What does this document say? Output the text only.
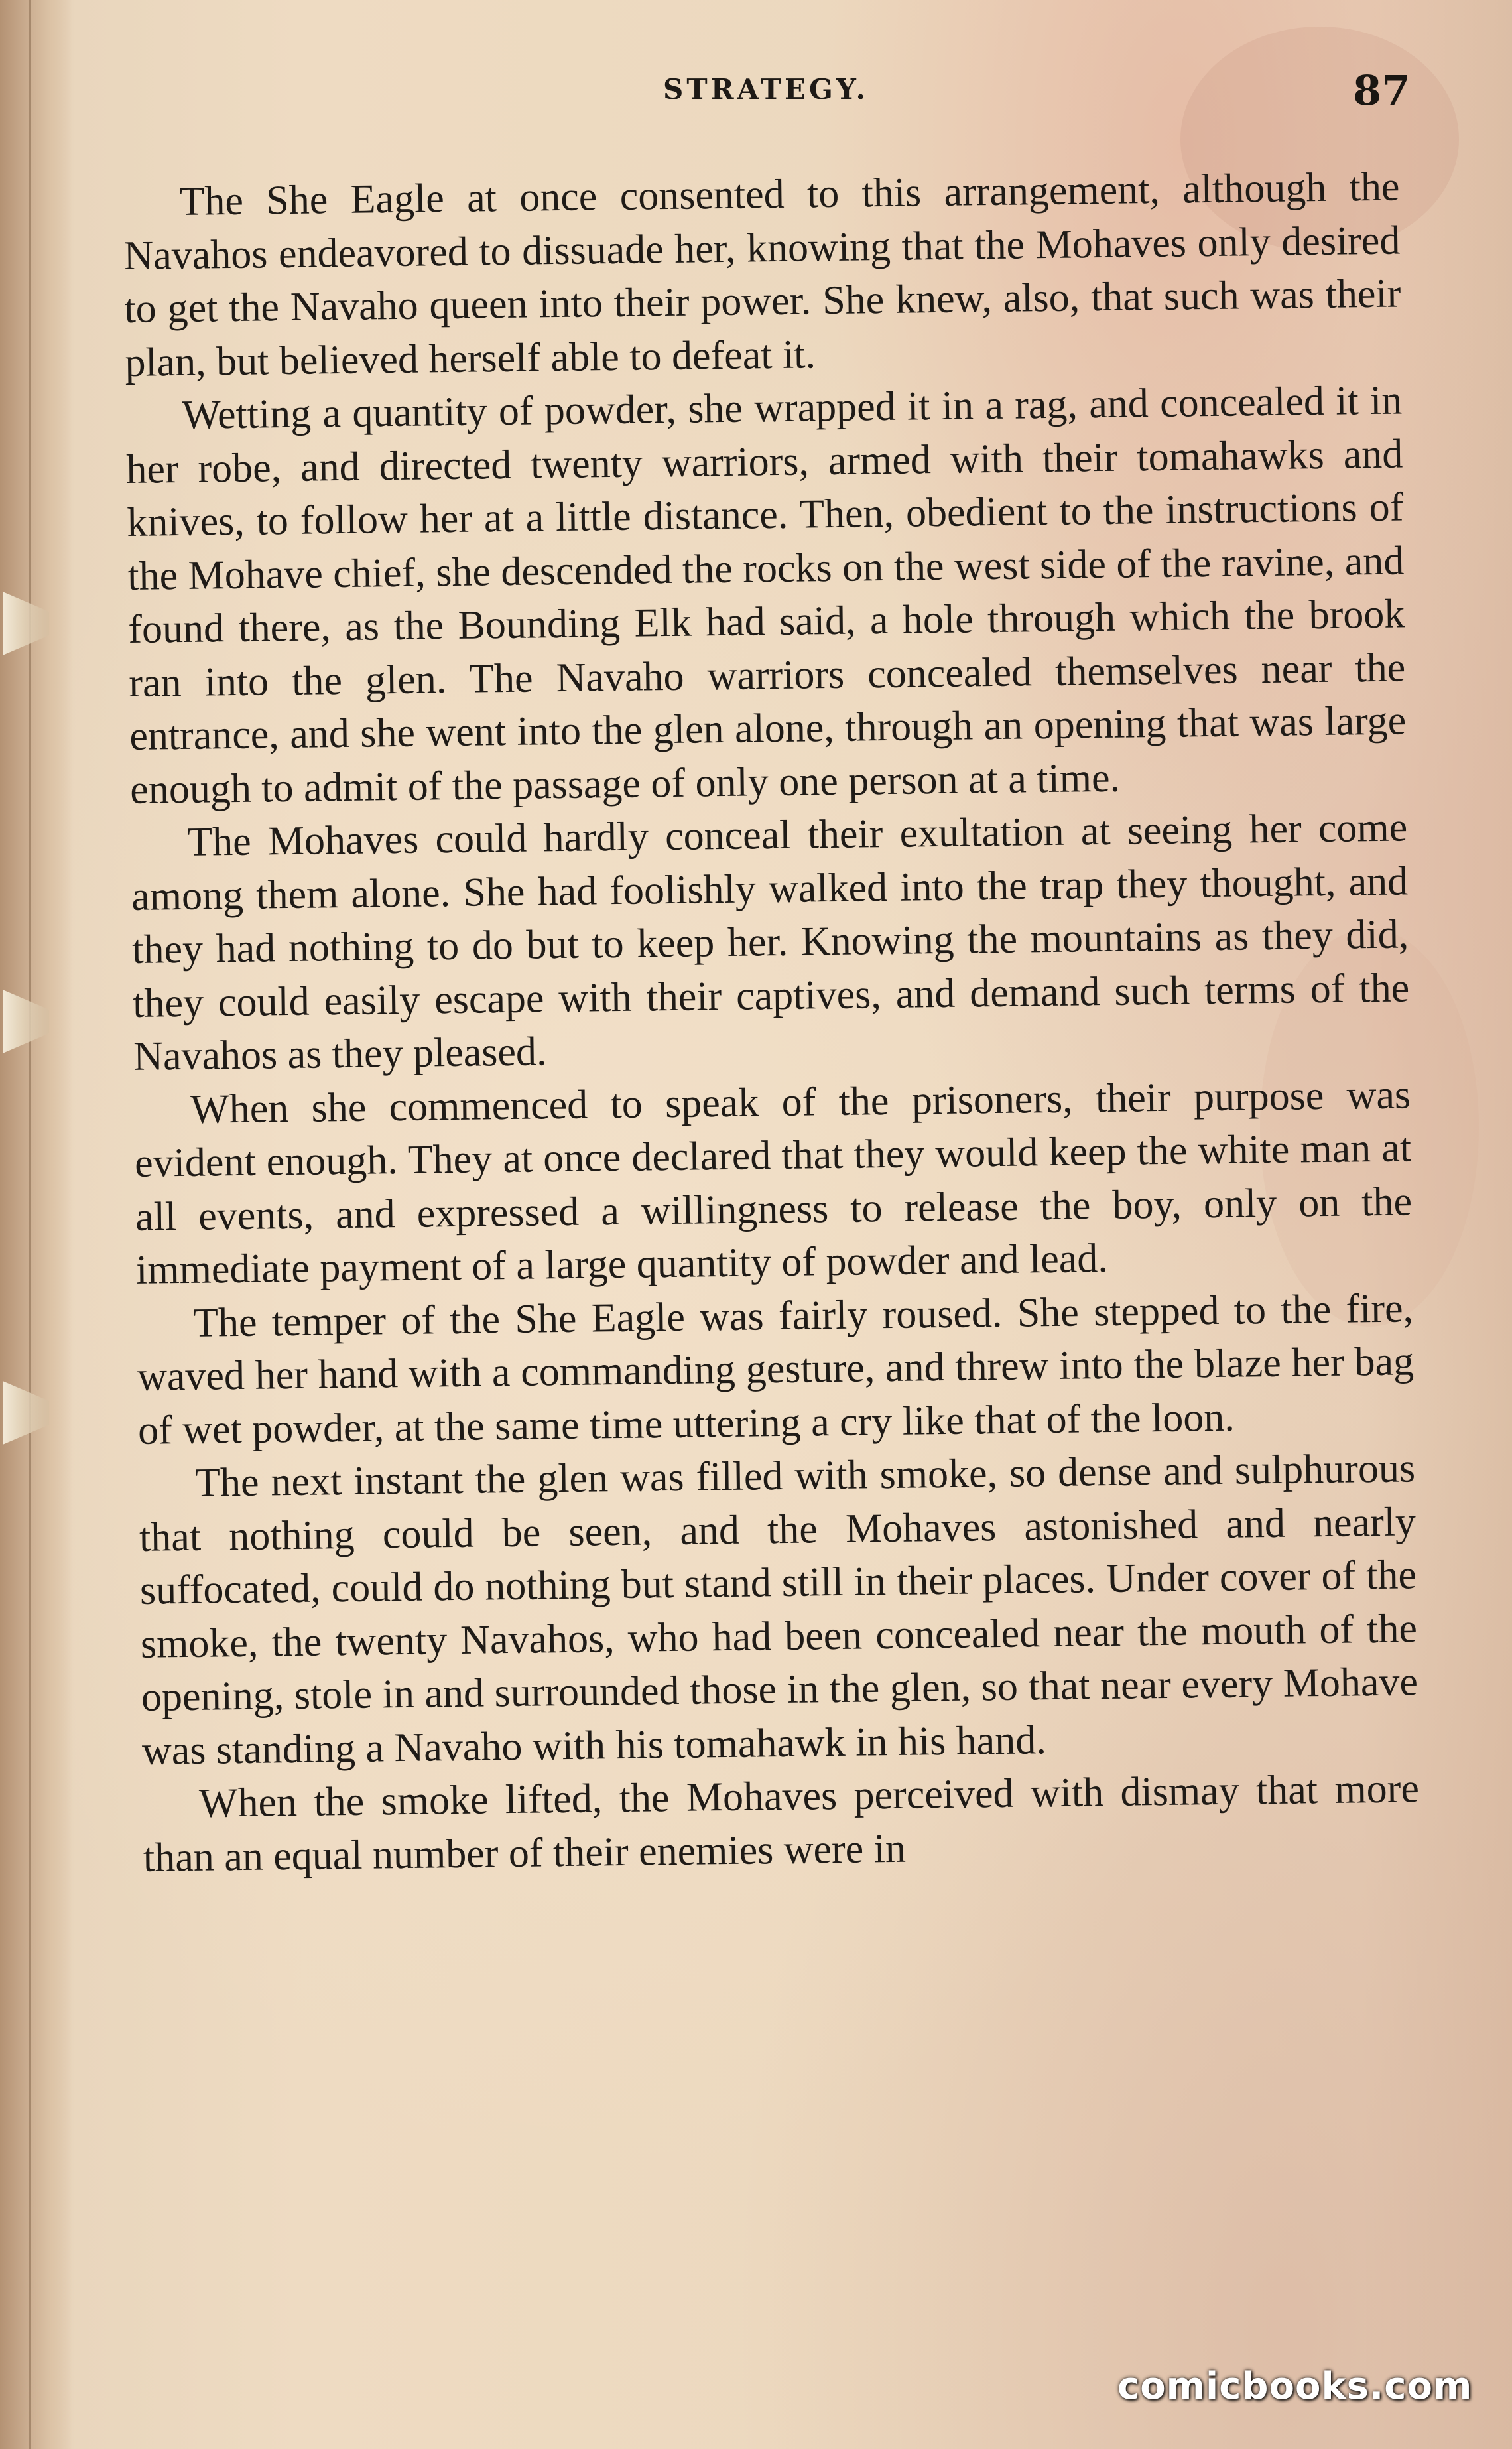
STRATEGY.	87

The She Eagle at once consented to this arrangement, although the Navahos endeavored to dissuade her, knowing that the Mohaves only desired to get the Navaho queen into their power. She knew, also, that such was their plan, but believed herself able to defeat it.

Wetting a quantity of powder, she wrapped it in a rag, and concealed it in her robe, and directed twenty warriors, armed with their tomahawks and knives, to follow her at a little distance. Then, obedient to the instructions of the Mohave chief, she descended the rocks on the west side of the ravine, and found there, as the Bounding Elk had said, a hole through which the brook ran into the glen. The Navaho warriors concealed themselves near the entrance, and she went into the glen alone, through an opening that was large enough to admit of the passage of only one person at a time.

The Mohaves could hardly conceal their exultation at seeing her come among them alone. She had foolishly walked into the trap they thought, and they had nothing to do but to keep her. Knowing the mountains as they did, they could easily escape with their captives, and demand such terms of the Navahos as they pleased.

When she commenced to speak of the prisoners, their purpose was evident enough. They at once declared that they would keep the white man at all events, and expressed a willingness to release the boy, only on the immediate payment of a large quantity of powder and lead.

The temper of the She Eagle was fairly roused. She stepped to the fire, waved her hand with a commanding gesture, and threw into the blaze her bag of wet powder, at the same time uttering a cry like that of the loon.

The next instant the glen was filled with smoke, so dense and sulphurous that nothing could be seen, and the Mohaves astonished and nearly suffocated, could do nothing but stand still in their places. Under cover of the smoke, the twenty Navahos, who had been concealed near the mouth of the opening, stole in and surrounded those in the glen, so that near every Mohave was standing a Navaho with his tomahawk in his hand.

When the smoke lifted, the Mohaves perceived with dismay that more than an equal number of their enemies were in

comicbooks.com
